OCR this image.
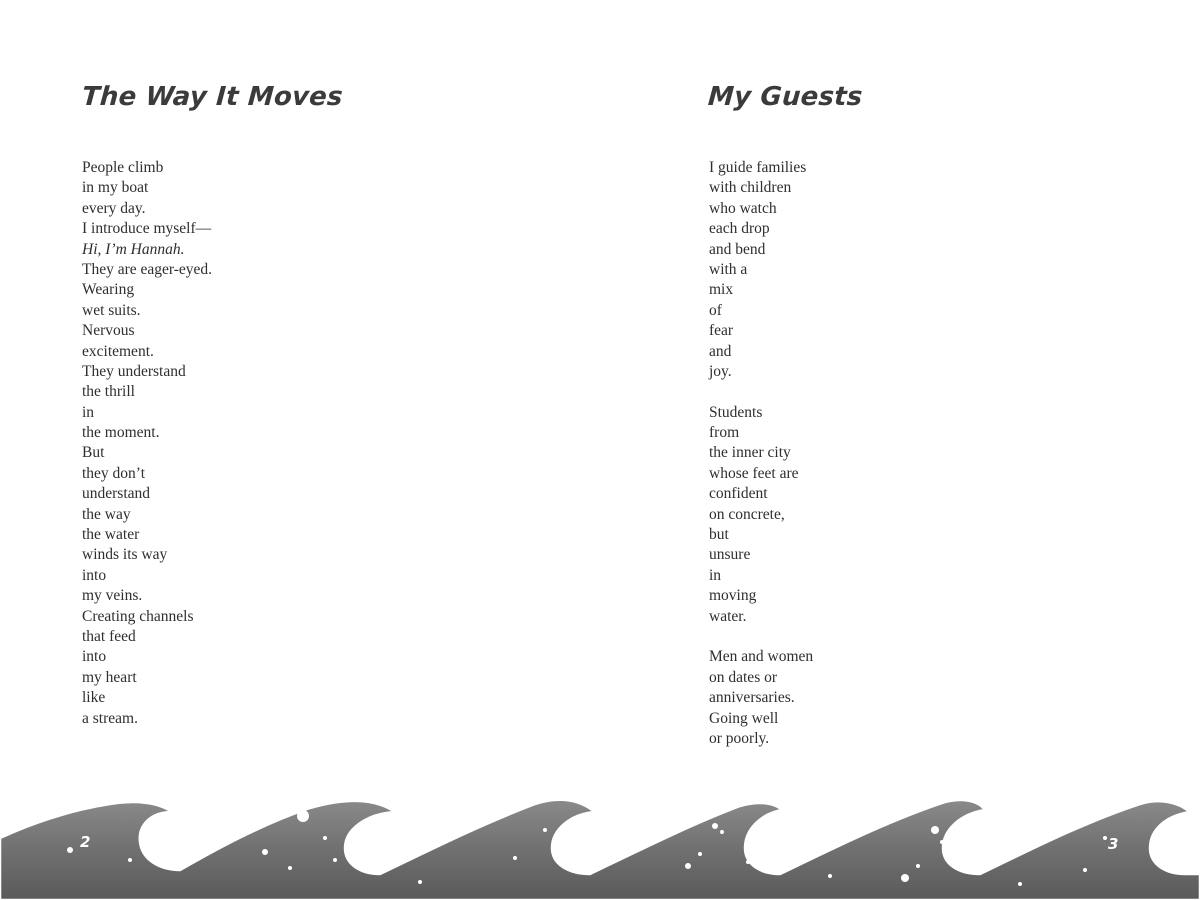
The Way It Moves
People climb
in my boat
every day.
I introduce myself—
Hi, I’m Hannah.
They are eager-eyed.
Wearing
wet suits.
Nervous
excitement.
They understand
the thrill
in
the moment.
But
they don’t
understand
the way
the water
winds its way
into
my veins.
Creating channels
that feed
into
my heart
like
a stream.
My Guests
I guide families
with children
who watch
each drop
and bend
with a
mix
of
fear
and
joy.
Students
from
the inner city
whose feet are
confident
on concrete,
but
unsure
in
moving
water.
Men and women
on dates or
anniversaries.
Going well
or poorly.
2	3
